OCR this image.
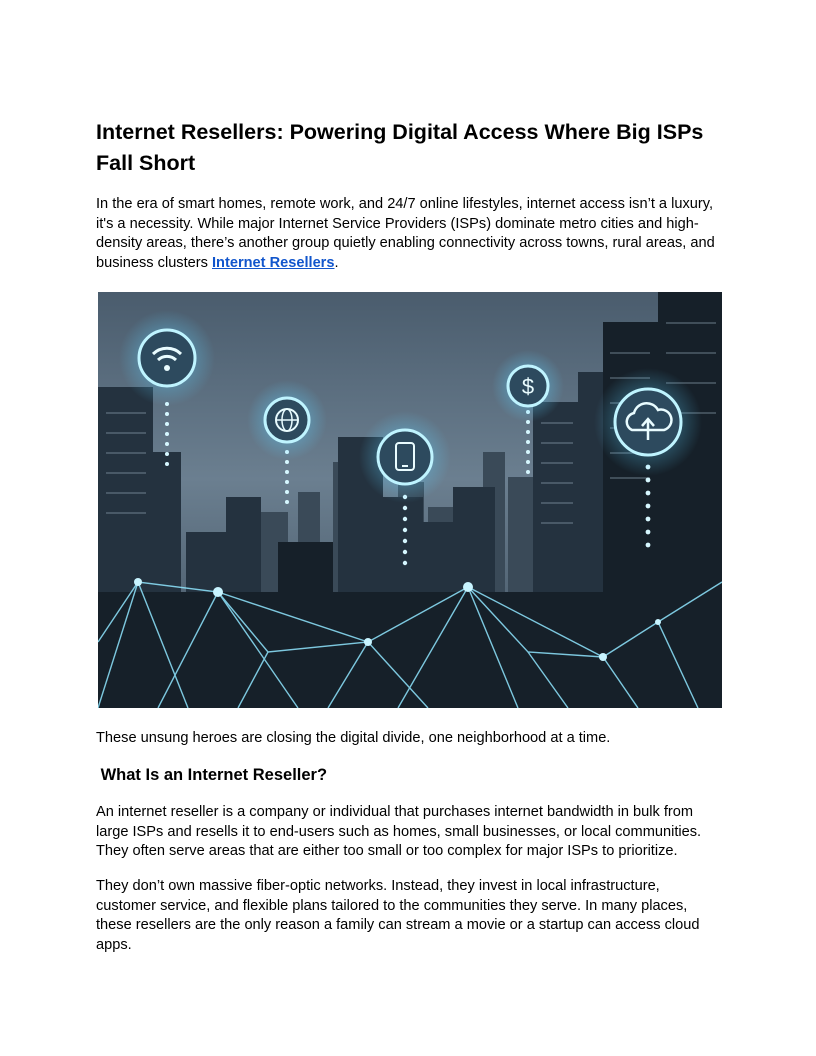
Internet Resellers: Powering Digital Access Where Big ISPs Fall Short

In the era of smart homes, remote work, and 24/7 online lifestyles, internet access isn’t a luxury, it's a necessity. While major Internet Service Providers (ISPs) dominate metro cities and high-density areas, there’s another group quietly enabling connectivity across towns, rural areas, and business clusters Internet Resellers.

$

These unsung heroes are closing the digital divide, one neighborhood at a time.

What Is an Internet Reseller?

An internet reseller is a company or individual that purchases internet bandwidth in bulk from large ISPs and resells it to end-users such as homes, small businesses, or local communities. They often serve areas that are either too small or too complex for major ISPs to prioritize.

They don’t own massive fiber-optic networks. Instead, they invest in local infrastructure, customer service, and flexible plans tailored to the communities they serve. In many places, these resellers are the only reason a family can stream a movie or a startup can access cloud apps.
